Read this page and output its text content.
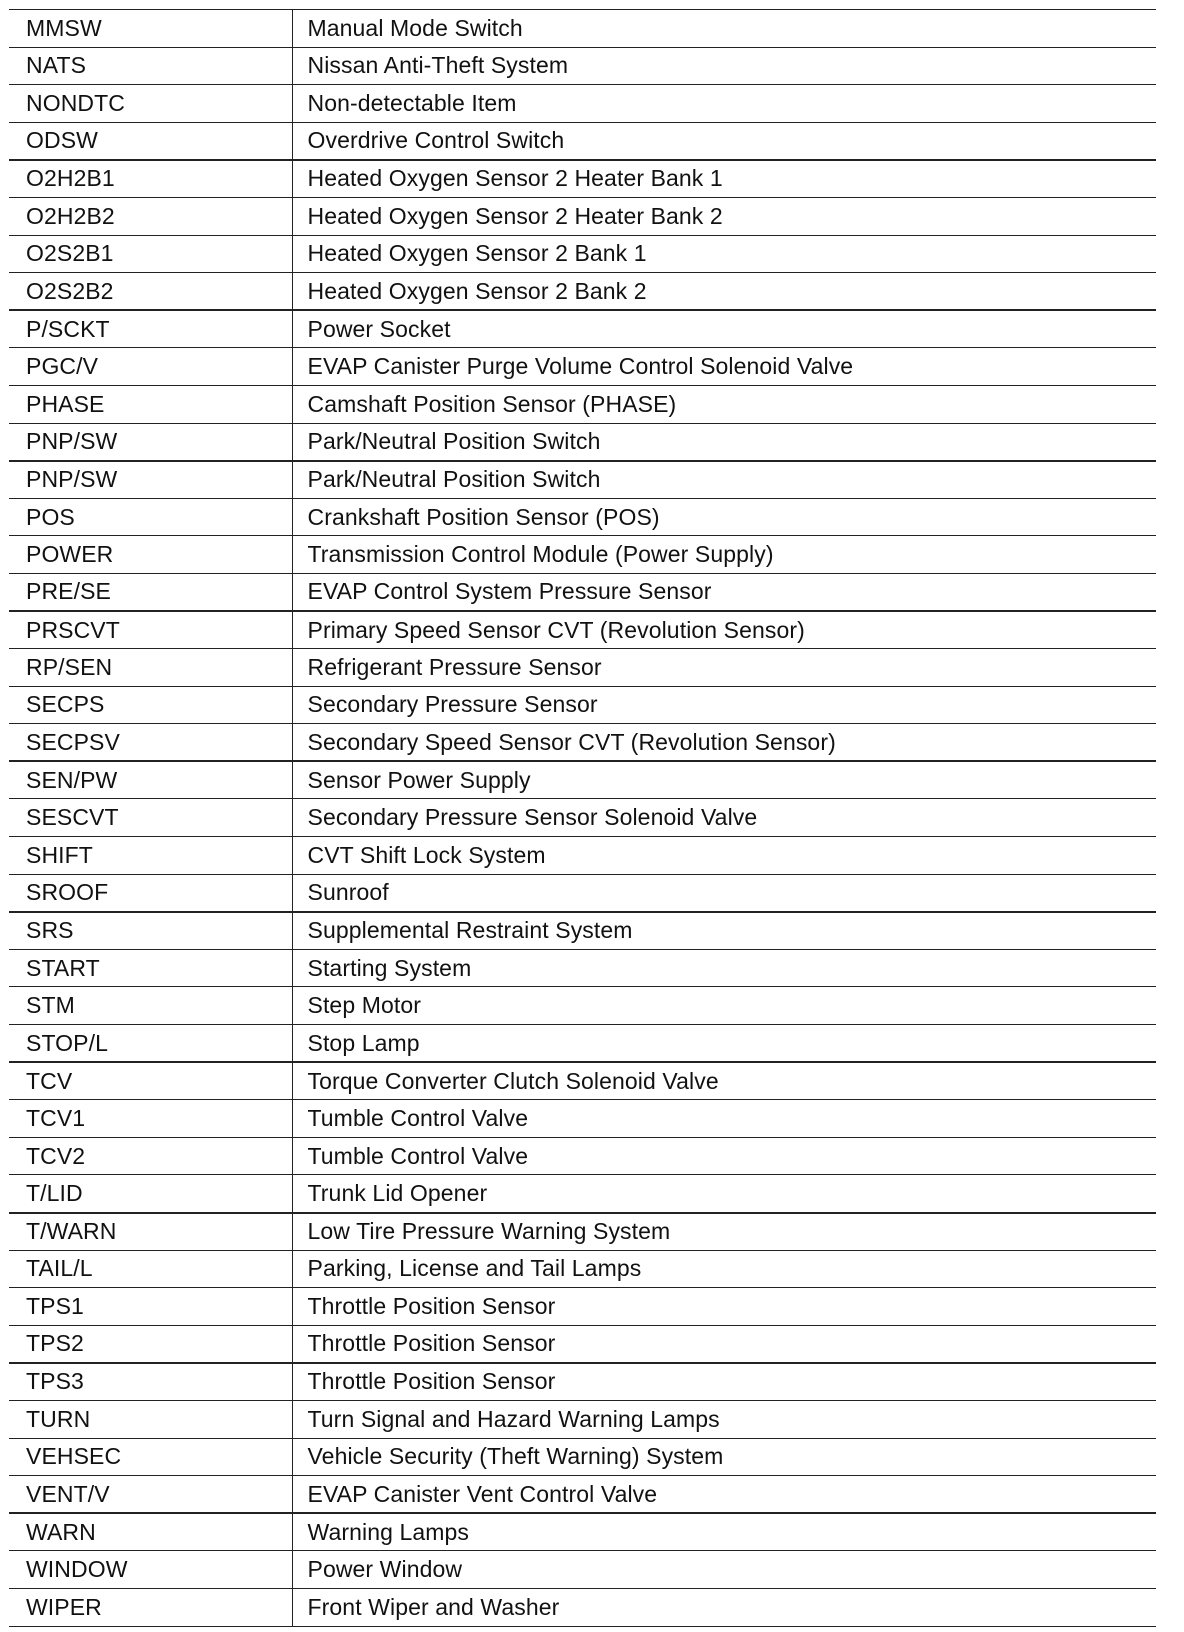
MMSW	Manual Mode Switch
NATS	Nissan Anti-Theft System
NONDTC	Non-detectable Item
ODSW	Overdrive Control Switch
O2H2B1	Heated Oxygen Sensor 2 Heater Bank 1
O2H2B2	Heated Oxygen Sensor 2 Heater Bank 2
O2S2B1	Heated Oxygen Sensor 2 Bank 1
O2S2B2	Heated Oxygen Sensor 2 Bank 2
P/SCKT	Power Socket
PGC/V	EVAP Canister Purge Volume Control Solenoid Valve
PHASE	Camshaft Position Sensor (PHASE)
PNP/SW	Park/Neutral Position Switch
PNP/SW	Park/Neutral Position Switch
POS	Crankshaft Position Sensor (POS)
POWER	Transmission Control Module (Power Supply)
PRE/SE	EVAP Control System Pressure Sensor
PRSCVT	Primary Speed Sensor CVT (Revolution Sensor)
RP/SEN	Refrigerant Pressure Sensor
SECPS	Secondary Pressure Sensor
SECPSV	Secondary Speed Sensor CVT (Revolution Sensor)
SEN/PW	Sensor Power Supply
SESCVT	Secondary Pressure Sensor Solenoid Valve
SHIFT	CVT Shift Lock System
SROOF	Sunroof
SRS	Supplemental Restraint System
START	Starting System
STM	Step Motor
STOP/L	Stop Lamp
TCV	Torque Converter Clutch Solenoid Valve
TCV1	Tumble Control Valve
TCV2	Tumble Control Valve
T/LID	Trunk Lid Opener
T/WARN	Low Tire Pressure Warning System
TAIL/L	Parking, License and Tail Lamps
TPS1	Throttle Position Sensor
TPS2	Throttle Position Sensor
TPS3	Throttle Position Sensor
TURN	Turn Signal and Hazard Warning Lamps
VEHSEC	Vehicle Security (Theft Warning) System
VENT/V	EVAP Canister Vent Control Valve
WARN	Warning Lamps
WINDOW	Power Window
WIPER	Front Wiper and Washer
